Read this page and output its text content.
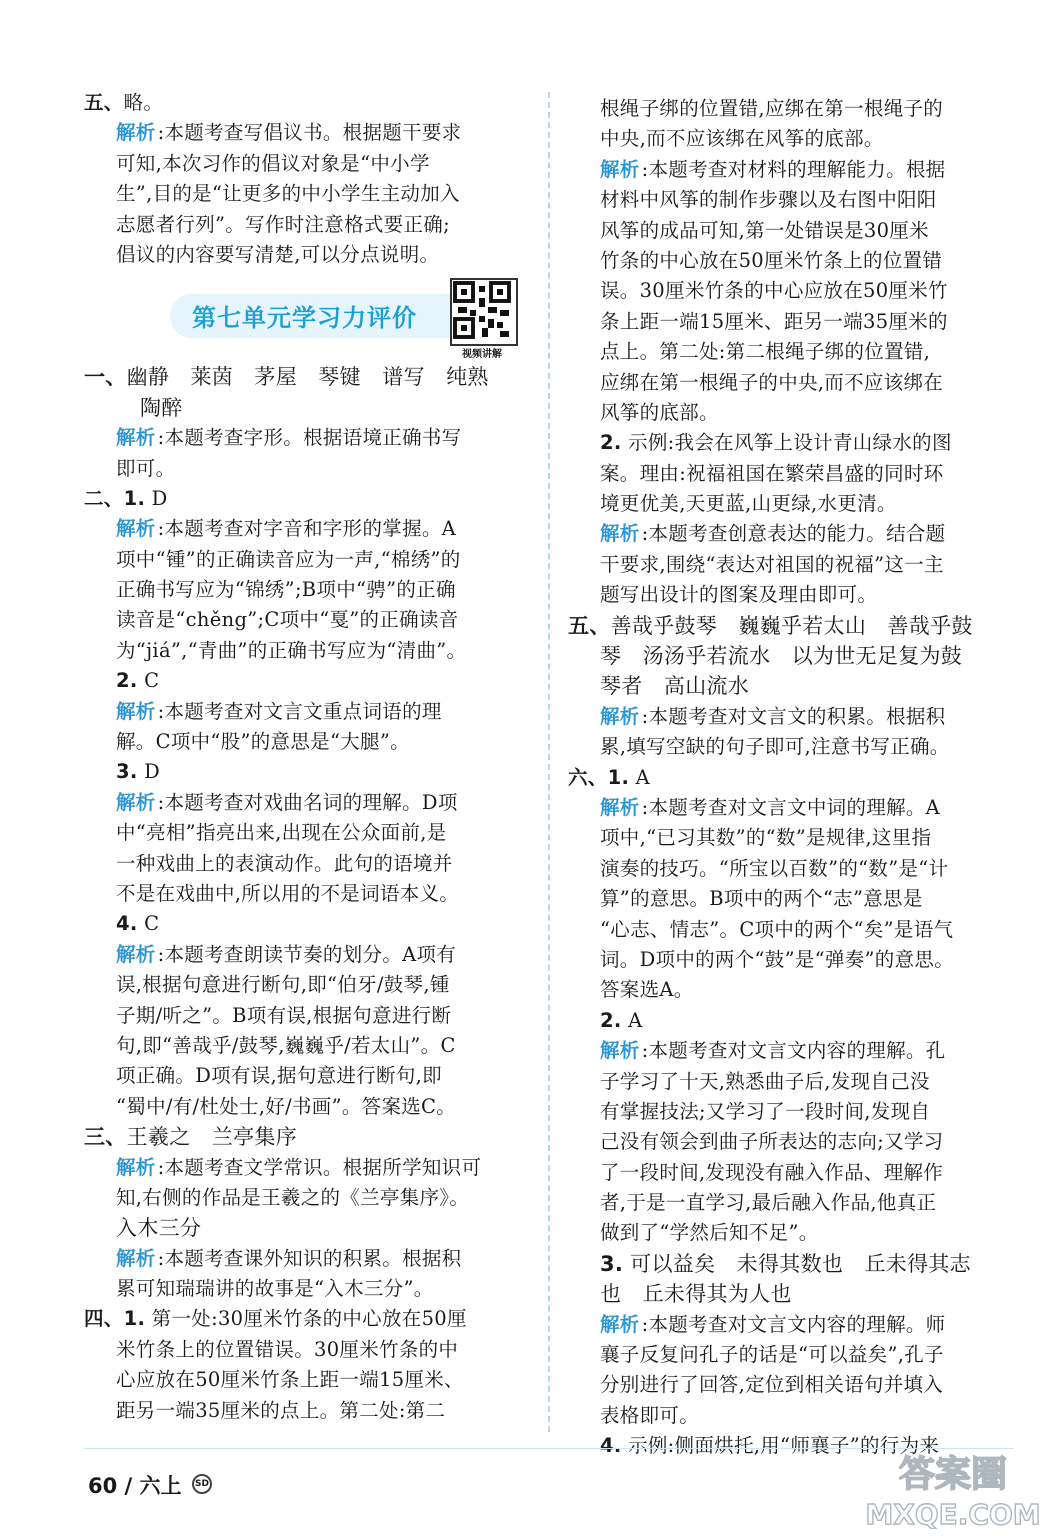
五、略。
解析 :本题考查写倡议书。根据题干要求
可知,本次习作的倡议对象是“中小学
生”,目的是“让更多的中小学生主动加入
志愿者行列”。写作时注意格式要正确;
倡议的内容要写清楚,可以分点说明。
第七单元学习力评价
视频讲解
一、幽静　莱茵　茅屋　琴键　谱写　纯熟
陶醉
解析 :本题考查字形。根据语境正确书写
即可。
二、1. D
解析 :本题考查对字音和字形的掌握。A
项中“锺”的正确读音应为一声,“棉绣”的
正确书写应为“锦绣”;B项中“骋”的正确
读音是“chěng”;C项中“戛”的正确读音
为“jiá”,“青曲”的正确书写应为“清曲”。
2. C
解析 :本题考查对文言文重点词语的理
解。C项中“股”的意思是“大腿”。
3. D
解析 :本题考查对戏曲名词的理解。D项
中“亮相”指亮出来,出现在公众面前,是
一种戏曲上的表演动作。此句的语境并
不是在戏曲中,所以用的不是词语本义。
4. C
解析 :本题考查朗读节奏的划分。A项有
误,根据句意进行断句,即“伯牙/鼓琴,锺
子期/听之”。B项有误,根据句意进行断
句,即“善哉乎/鼓琴,巍巍乎/若太山”。C
项正确。D项有误,据句意进行断句,即
“蜀中/有/杜处士,好/书画”。答案选C。
三、王羲之　兰亭集序
解析 :本题考查文学常识。根据所学知识可
知,右侧的作品是王羲之的《兰亭集序》。
入木三分
解析 :本题考查课外知识的积累。根据积
累可知瑞瑞讲的故事是“入木三分”。
四、1. 第一处:30厘米竹条的中心放在50厘
米竹条上的位置错误。30厘米竹条的中
心应放在50厘米竹条上距一端15厘米、
距另一端35厘米的点上。第二处:第二
根绳子绑的位置错,应绑在第一根绳子的
中央,而不应该绑在风筝的底部。
解析 :本题考查对材料的理解能力。根据
材料中风筝的制作步骤以及右图中阳阳
风筝的成品可知,第一处错误是30厘米
竹条的中心放在50厘米竹条上的位置错
误。30厘米竹条的中心应放在50厘米竹
条上距一端15厘米、距另一端35厘米的
点上。第二处:第二根绳子绑的位置错,
应绑在第一根绳子的中央,而不应该绑在
风筝的底部。
2. 示例:我会在风筝上设计青山绿水的图
案。理由:祝福祖国在繁荣昌盛的同时环
境更优美,天更蓝,山更绿,水更清。
解析 :本题考查创意表达的能力。结合题
干要求,围绕“表达对祖国的祝福”这一主
题写出设计的图案及理由即可。
五、善哉乎鼓琴　巍巍乎若太山　善哉乎鼓
琴　汤汤乎若流水　以为世无足复为鼓
琴者　高山流水
解析 :本题考查对文言文的积累。根据积
累,填写空缺的句子即可,注意书写正确。
六、1. A
解析 :本题考查对文言文中词的理解。A
项中,“已习其数”的“数”是规律,这里指
演奏的技巧。“所宝以百数”的“数”是“计
算”的意思。B项中的两个“志”意思是
“心志、情志”。C项中的两个“矣”是语气
词。D项中的两个“鼓”是“弹奏”的意思。
答案选A。
2. A
解析 :本题考查对文言文内容的理解。孔
子学习了十天,熟悉曲子后,发现自己没
有掌握技法;又学习了一段时间,发现自
己没有领会到曲子所表达的志向;又学习
了一段时间,发现没有融入作品、理解作
者,于是一直学习,最后融入作品,他真正
做到了“学然后知不足”。
3. 可以益矣　未得其数也　丘未得其志
也　丘未得其为人也
解析 :本题考查对文言文内容的理解。师
襄子反复问孔子的话是“可以益矣”,孔子
分别进行了回答,定位到相关语句并填入
表格即可。
4. 示例:侧面烘托,用“师襄子”的行为来
60 / 六上	SD	答案圈
MXQE.COM
